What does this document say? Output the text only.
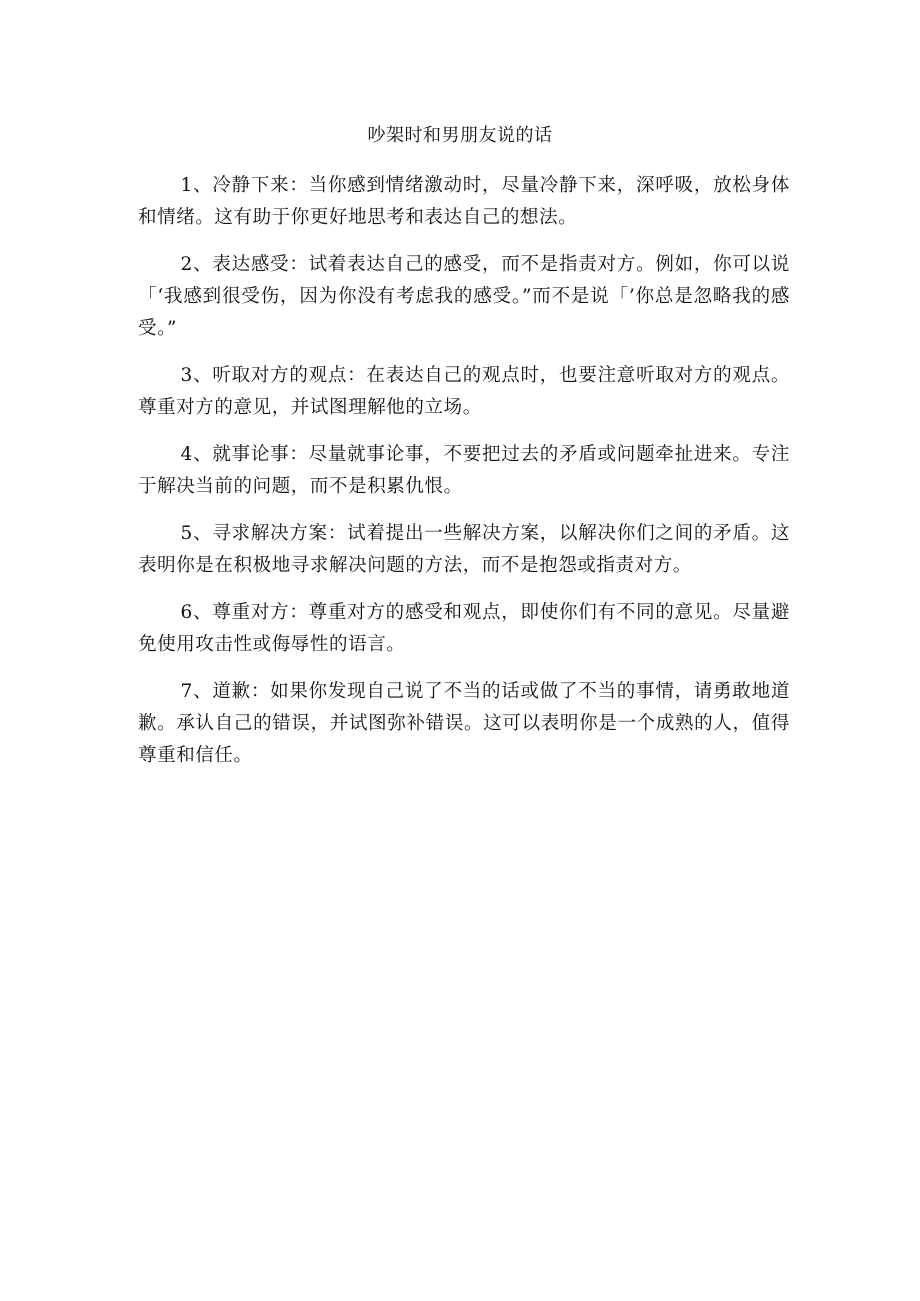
吵架时和男朋友说的话

1、冷静下来：当你感到情绪激动时，尽量冷静下来，深呼吸，放松身体和情绪。这有助于你更好地思考和表达自己的想法。

2、表达感受：试着表达自己的感受，而不是指责对方。例如，你可以说「‘我感到很受伤，因为你没有考虑我的感受。”而不是说「’你总是忽略我的感受。”

3、听取对方的观点：在表达自己的观点时，也要注意听取对方的观点。尊重对方的意见，并试图理解他的立场。

4、就事论事：尽量就事论事，不要把过去的矛盾或问题牵扯进来。专注于解决当前的问题，而不是积累仇恨。

5、寻求解决方案：试着提出一些解决方案，以解决你们之间的矛盾。这表明你是在积极地寻求解决问题的方法，而不是抱怨或指责对方。

6、尊重对方：尊重对方的感受和观点，即使你们有不同的意见。尽量避免使用攻击性或侮辱性的语言。

7、道歉：如果你发现自己说了不当的话或做了不当的事情，请勇敢地道歉。承认自己的错误，并试图弥补错误。这可以表明你是一个成熟的人，值得尊重和信任。
